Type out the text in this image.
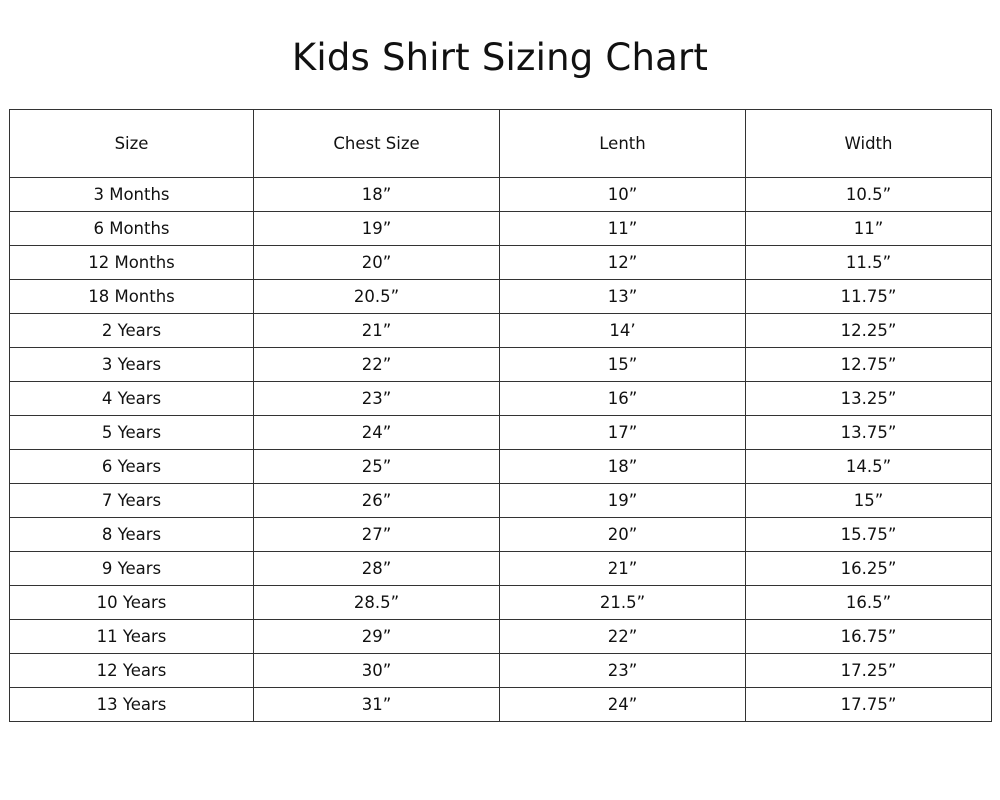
Kids Shirt Sizing Chart
Size	Chest Size	Lenth	Width
3 Months	18”	10”	10.5”
6 Months	19”	11”	11”
12 Months	20”	12”	11.5”
18 Months	20.5”	13”	11.75”
2 Years	21”	14’	12.25”
3 Years	22”	15”	12.75”
4 Years	23”	16”	13.25”
5 Years	24”	17”	13.75”
6 Years	25”	18”	14.5”
7 Years	26”	19”	15”
8 Years	27”	20”	15.75”
9 Years	28”	21”	16.25”
10 Years	28.5”	21.5”	16.5”
11 Years	29”	22”	16.75”
12 Years	30”	23”	17.25”
13 Years	31”	24”	17.75”
